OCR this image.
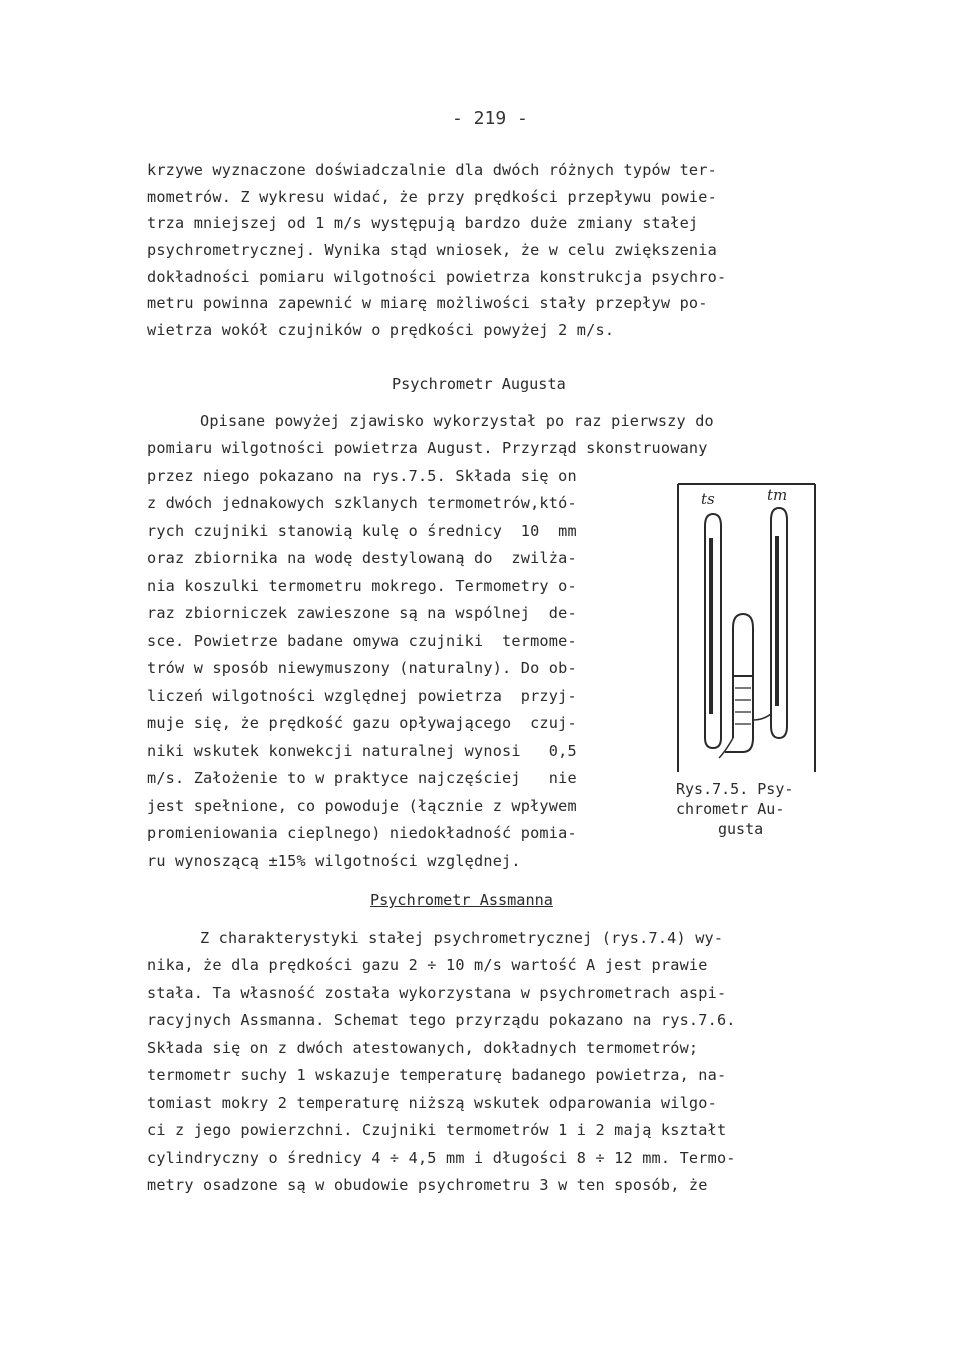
- 219 -
krzywe wyznaczone doświadczalnie dla dwóch różnych typów ter-
mometrów. Z wykresu widać, że przy prędkości przepływu powie-
trza mniejszej od 1 m/s występują bardzo duże zmiany stałej
psychrometrycznej. Wynika stąd wniosek, że w celu zwiększenia
dokładności pomiaru wilgotności powietrza konstrukcja psychro-
metru powinna zapewnić w miarę możliwości stały przepływ po-
wietrza wokół czujników o prędkości powyżej 2 m/s.
Psychrometr Augusta
Opisane powyżej zjawisko wykorzystał po raz pierwszy do
pomiaru wilgotności powietrza August. Przyrząd skonstruowany
przez niego pokazano na rys.7.5. Składa się on
z dwóch jednakowych szklanych termometrów,któ-
rych czujniki stanowią kulę o średnicy  10  mm
oraz zbiornika na wodę destylowaną do  zwilża-
nia koszulki termometru mokrego. Termometry o-
raz zbiorniczek zawieszone są na wspólnej  de-
sce. Powietrze badane omywa czujniki  termome-
trów w sposób niewymuszony (naturalny). Do ob-
liczeń wilgotności względnej powietrza  przyj-
muje się, że prędkość gazu opływającego  czuj-
niki wskutek konwekcji naturalnej wynosi   0,5
m/s. Założenie to w praktyce najczęściej   nie
jest spełnione, co powoduje (łącznie z wpływem
promieniowania cieplnego) niedokładność pomia-
ru wynoszącą ±15% wilgotności względnej.
ts	tm
Rys.7.5. Psy-
chrometr Au-
gusta
Psychrometr Assmanna
Z charakterystyki stałej psychrometrycznej (rys.7.4) wy-
nika, że dla prędkości gazu 2 ÷ 10 m/s wartość A jest prawie
stała. Ta własność została wykorzystana w psychrometrach aspi-
racyjnych Assmanna. Schemat tego przyrządu pokazano na rys.7.6.
Składa się on z dwóch atestowanych, dokładnych termometrów;
termometr suchy 1 wskazuje temperaturę badanego powietrza, na-
tomiast mokry 2 temperaturę niższą wskutek odparowania wilgo-
ci z jego powierzchni. Czujniki termometrów 1 i 2 mają kształt
cylindryczny o średnicy 4 ÷ 4,5 mm i długości 8 ÷ 12 mm. Termo-
metry osadzone są w obudowie psychrometru 3 w ten sposób, że
